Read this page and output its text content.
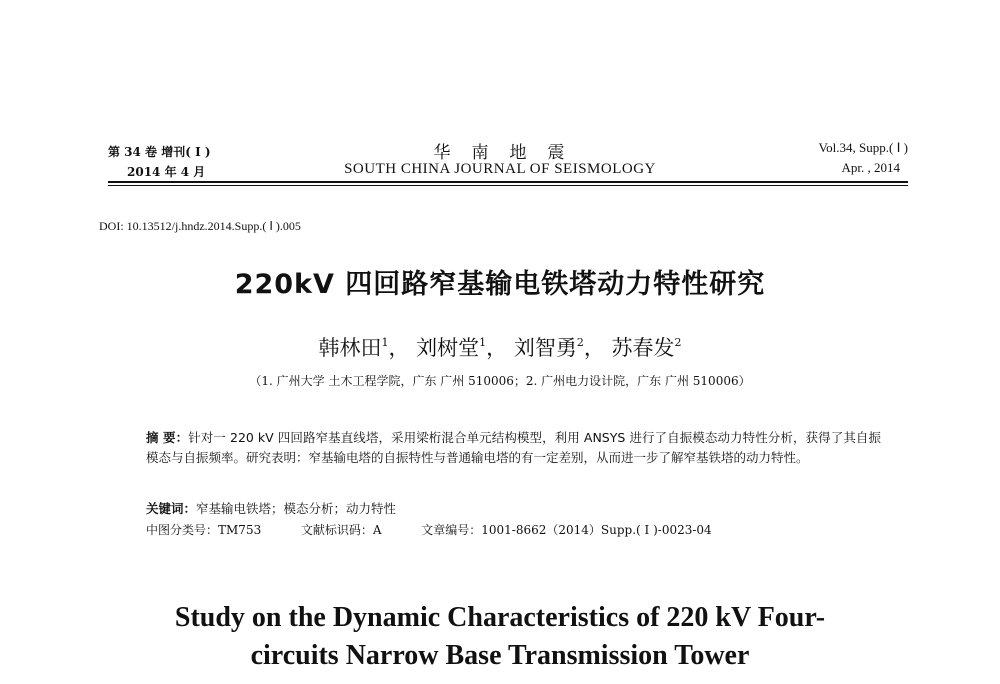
第 34 卷 增刊( Ⅰ )
2014 年 4 月
华　南　地　震
SOUTH CHINA JOURNAL OF SEISMOLOGY
Vol.34, Supp.( Ⅰ )
Apr. , 2014
DOI: 10.13512/j.hndz.2014.Supp.( Ⅰ ).005
220kV 四回路窄基输电铁塔动力特性研究
韩林田$^1$， 刘树堂$^1$， 刘智勇$^2$， 苏春发$^2$
（1. 广州大学 土木工程学院，广东 广州 510006；2. 广州电力设计院，广东 广州 510006）
摘 要：针对一 220 kV 四回路窄基直线塔，采用梁桁混合单元结构模型，利用 ANSYS 进行了自振模态动力特性分析，获得了其自振模态与自振频率。研究表明：窄基输电塔的自振特性与普通输电塔的有一定差别，从而进一步了解窄基铁塔的动力特性。
关键词：窄基输电铁塔；模态分析；动力特性
中图分类号：TM753	文献标识码：A	文章编号：1001-8662（2014）Supp.( Ⅰ )-0023-04
Study on the Dynamic Characteristics of 220 kV Four-
circuits Narrow Base Transmission Tower
